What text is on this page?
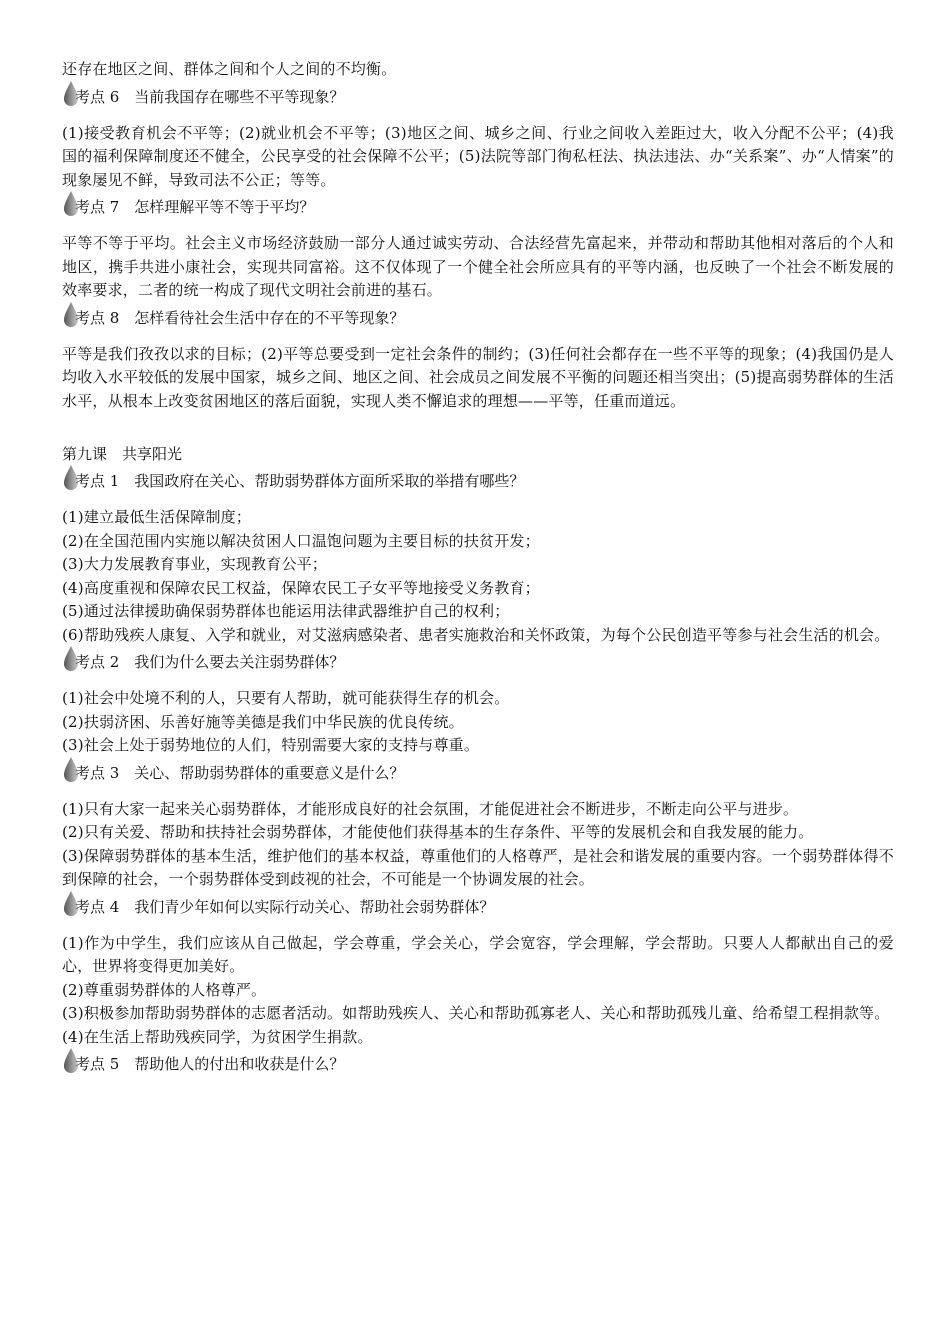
还存在地区之间、群体之间和个人之间的不均衡。

考点 6　当前我国存在哪些不平等现象？

(1)接受教育机会不平等；(2)就业机会不平等；(3)地区之间、城乡之间、行业之间收入差距过大，收入分配不公平；(4)我国的福利保障制度还不健全，公民享受的社会保障不公平；(5)法院等部门徇私枉法、执法违法、办“关系案”、办“人情案”的现象屡见不鲜，导致司法不公正；等等。

考点 7　怎样理解平等不等于平均？

平等不等于平均。社会主义市场经济鼓励一部分人通过诚实劳动、合法经营先富起来，并带动和帮助其他相对落后的个人和地区，携手共进小康社会，实现共同富裕。这不仅体现了一个健全社会所应具有的平等内涵，也反映了一个社会不断发展的效率要求，二者的统一构成了现代文明社会前进的基石。

考点 8　怎样看待社会生活中存在的不平等现象？

平等是我们孜孜以求的目标；(2)平等总要受到一定社会条件的制约；(3)任何社会都存在一些不平等的现象；(4)我国仍是人均收入水平较低的发展中国家，城乡之间、地区之间、社会成员之间发展不平衡的问题还相当突出；(5)提高弱势群体的生活水平，从根本上改变贫困地区的落后面貌，实现人类不懈追求的理想——平等，任重而道远。

第九课　共享阳光
考点 1　我国政府在关心、帮助弱势群体方面所采取的举措有哪些？

(1)建立最低生活保障制度；

(2)在全国范围内实施以解决贫困人口温饱问题为主要目标的扶贫开发；

(3)大力发展教育事业，实现教育公平；

(4)高度重视和保障农民工权益，保障农民工子女平等地接受义务教育；

(5)通过法律援助确保弱势群体也能运用法律武器维护自己的权利；

(6)帮助残疾人康复、入学和就业，对艾滋病感染者、患者实施救治和关怀政策，为每个公民创造平等参与社会生活的机会。

考点 2　我们为什么要去关注弱势群体？

(1)社会中处境不利的人，只要有人帮助，就可能获得生存的机会。

(2)扶弱济困、乐善好施等美德是我们中华民族的优良传统。

(3)社会上处于弱势地位的人们，特别需要大家的支持与尊重。

考点 3　关心、帮助弱势群体的重要意义是什么？

(1)只有大家一起来关心弱势群体，才能形成良好的社会氛围，才能促进社会不断进步，不断走向公平与进步。

(2)只有关爱、帮助和扶持社会弱势群体，才能使他们获得基本的生存条件、平等的发展机会和自我发展的能力。

(3)保障弱势群体的基本生活，维护他们的基本权益，尊重他们的人格尊严，是社会和谐发展的重要内容。一个弱势群体得不到保障的社会，一个弱势群体受到歧视的社会，不可能是一个协调发展的社会。

考点 4　我们青少年如何以实际行动关心、帮助社会弱势群体？

(1)作为中学生，我们应该从自己做起，学会尊重，学会关心，学会宽容，学会理解，学会帮助。只要人人都献出自己的爱心，世界将变得更加美好。

(2)尊重弱势群体的人格尊严。

(3)积极参加帮助弱势群体的志愿者活动。如帮助残疾人、关心和帮助孤寡老人、关心和帮助孤残儿童、给希望工程捐款等。

(4)在生活上帮助残疾同学，为贫困学生捐款。

考点 5　帮助他人的付出和收获是什么？
